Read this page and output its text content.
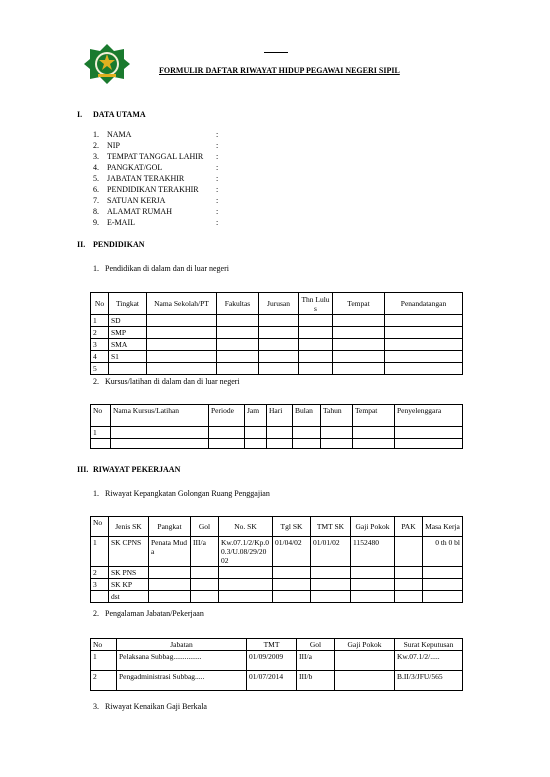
FORMULIR DAFTAR RIWAYAT HIDUP PEGAWAI NEGERI SIPIL
I. DATA UTAMA
1. NAMA	:
2. NIP	:
3. TEMPAT TANGGAL LAHIR :
4. PANGKAT/GOL	:
5. JABATAN TERAKHIR	:
6. PENDIDIKAN TERAKHIR :
7. SATUAN KERJA	:
8. ALAMAT RUMAH	:
9. E-MAIL	:
II. PENDIDIKAN
1. Pendidikan di dalam dan di luar negeri
No	Tingkat	Nama Sekolah/PT	Fakultas	Jurusan	Thn Lulus	Tempat	Penandatangan
1	SD						
2	SMP						
3	SMA						
4	S1						
5							
2. Kursus/latihan di dalam dan di luar negeri
No	Nama Kursus/Latihan	Periode	Jam	Hari	Bulan	Tahun	Tempat	Penyelenggara
1								

III. RIWAYAT PEKERJAAN
1. Riwayat Kepangkatan Golongan Ruang Penggajian
No	Jenis SK	Pangkat	Gol	No. SK	Tgl SK	TMT SK	Gaji Pokok	PAK	Masa Kerja
1	SK CPNS	Penata Muda	III/a	Kw.07.1/2/Kp.00.3/U.08/29/2002	01/04/02	01/01/02	1152480		0 th 0 bl
2	SK PNS								
3	SK KP								
	dst								
2. Pengalaman Jabatan/Pekerjaan
No	Jabatan	TMT	Gol	Gaji Pokok	Surat Keputusan
1	Pelaksana Subbag...............	01/09/2009	III/a		Kw.07.1/2/.....
2	Pengadministrasi Subbag.....	01/07/2014	III/b		B.II/3/JFU/565
3. Riwayat Kenaikan Gaji Berkala
